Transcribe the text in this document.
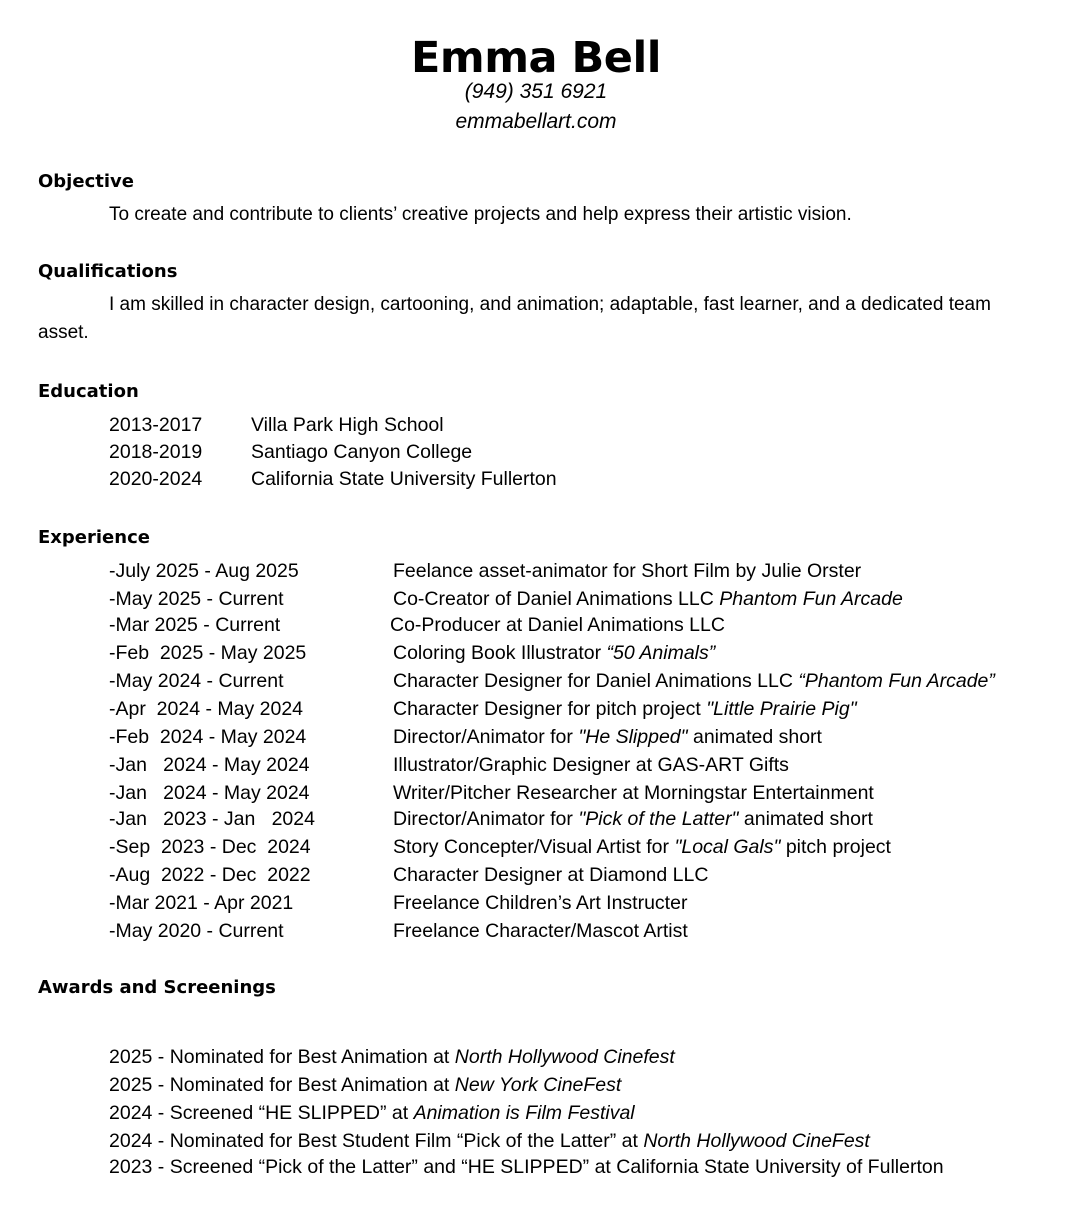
Emma Bell
(949) 351 6921
emmabellart.com
Objective
To create and contribute to clients’ creative projects and help express their artistic vision.
Qualifications
I am skilled in character design, cartooning, and animation; adaptable, fast learner, and a dedicated team asset.
Education
2013-2017 Villa Park High School
2018-2019 Santiago Canyon College
2020-2024 California State University Fullerton
Experience
-July 2025 - Aug 2025	Feelance asset-animator for Short Film by Julie Orster
-May 2025 - Current	Co-Creator of Daniel Animations LLC Phantom Fun Arcade
-Mar 2025 - Current	Co-Producer at Daniel Animations LLC
-Feb  2025 - May 2025	Coloring Book Illustrator “50 Animals”
-May 2024 - Current	Character Designer for Daniel Animations LLC “Phantom Fun Arcade”
-Apr  2024 - May 2024	Character Designer for pitch project "Little Prairie Pig"
-Feb  2024 - May 2024	Director/Animator for "He Slipped" animated short
-Jan   2024 - May 2024	Illustrator/Graphic Designer at GAS-ART Gifts
-Jan   2024 - May 2024	Writer/Pitcher Researcher at Morningstar Entertainment
-Jan   2023 - Jan   2024	Director/Animator for "Pick of the Latter" animated short
-Sep  2023 - Dec  2024	Story Concepter/Visual Artist for "Local Gals" pitch project
-Aug  2022 - Dec  2022	Character Designer at Diamond LLC
-Mar 2021 - Apr 2021	Freelance Children’s Art Instructer
-May 2020 - Current	Freelance Character/Mascot Artist
Awards and Screenings
2025 - Nominated for Best Animation at North Hollywood Cinefest
2025 - Nominated for Best Animation at New York CineFest
2024 - Screened “HE SLIPPED” at Animation is Film Festival
2024 - Nominated for Best Student Film “Pick of the Latter” at North Hollywood CineFest
2023 - Screened “Pick of the Latter” and “HE SLIPPED” at California State University of Fullerton
